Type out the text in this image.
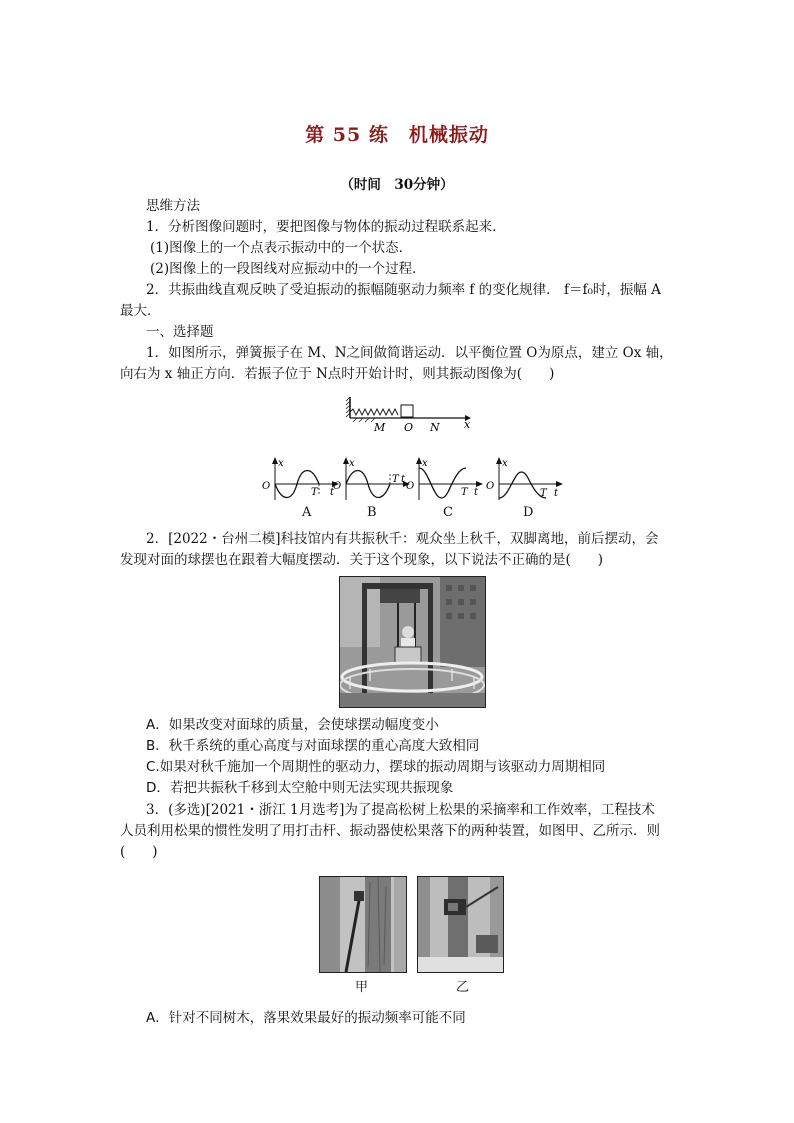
第 55 练　机械振动
（时间　30分钟）
思维方法
1．分析图像问题时，要把图像与物体的振动过程联系起来．
(1)图像上的一个点表示振动中的一个状态．
(2)图像上的一段图线对应振动中的一个过程．
2．共振曲线直观反映了受迫振动的振幅随驱动力频率 f 的变化规律． f＝f₀时，振幅 A
最大．
一、选择题
1．如图所示，弹簧振子在 M、N之间做简谐运动．以平衡位置 O为原点，建立 Ox 轴，
向右为 x 轴正方向．若振子位于 N点时开始计时，则其振动图像为(　　)
M O N x
x
O
T t
A
x
O
T t
B
x
O
T t
C
x
O
T t
D
2．[2022・台州二模]科技馆内有共振秋千：观众坐上秋千，双脚离地，前后摆动，会
发现对面的球摆也在跟着大幅度摆动．关于这个现象，以下说法不正确的是(　　)
A．如果改变对面球的质量，会使球摆动幅度变小
B．秋千系统的重心高度与对面球摆的重心高度大致相同
C.如果对秋千施加一个周期性的驱动力，摆球的振动周期与该驱动力周期相同
D．若把共振秋千移到太空舱中则无法实现共振现象
3．(多选)[2021・浙江 1月选考]为了提高松树上松果的采摘率和工作效率，工程技术
人员利用松果的惯性发明了用打击杆、振动器使松果落下的两种装置，如图甲、乙所示．则
(　　)
甲	乙
A．针对不同树木，落果效果最好的振动频率可能不同
